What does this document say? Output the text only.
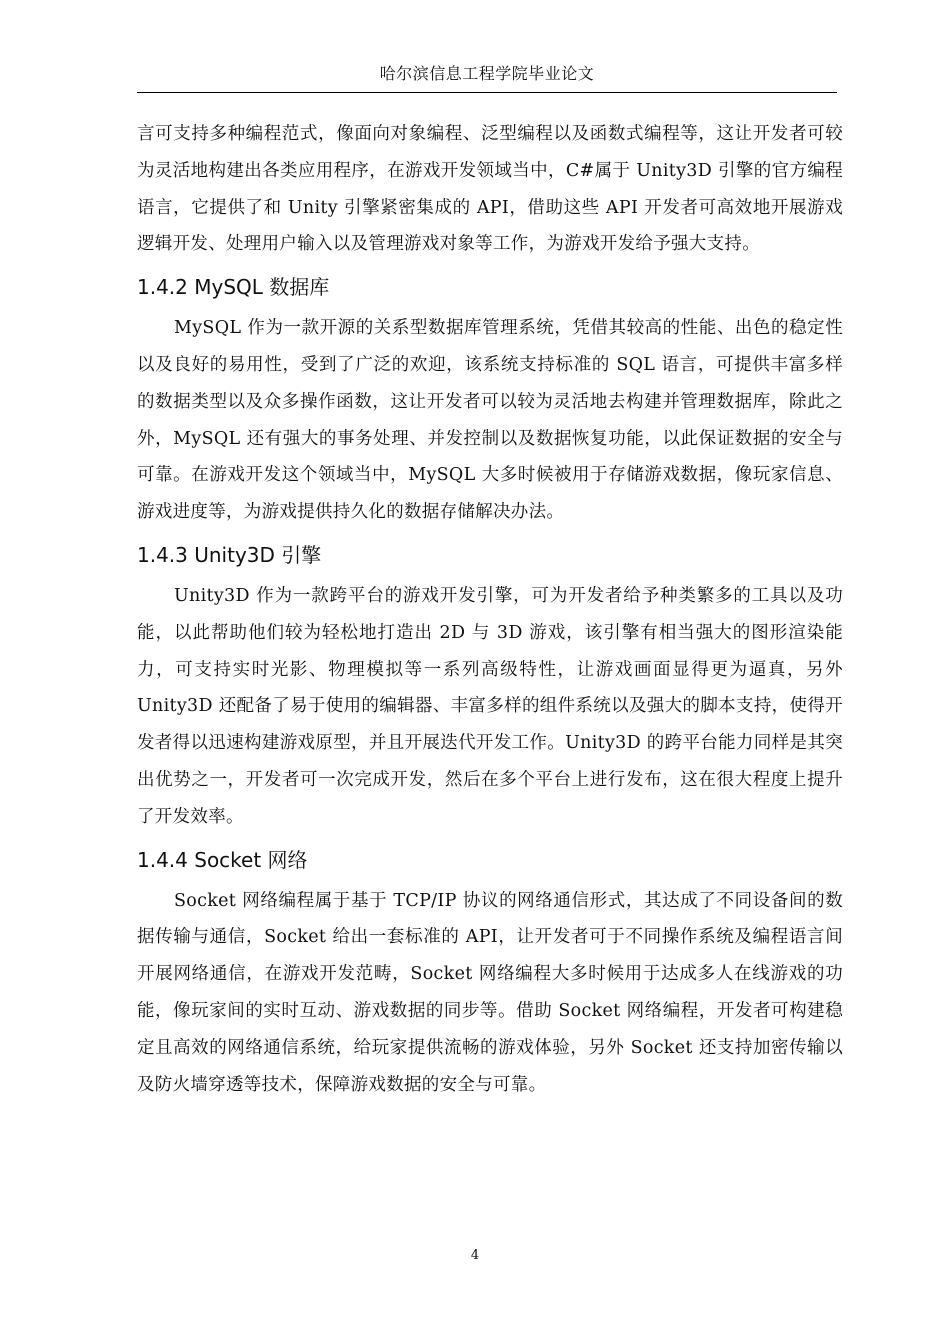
哈尔滨信息工程学院毕业论文

言可支持多种编程范式，像面向对象编程、泛型编程以及函数式编程等，这让开发者可较为灵活地构建出各类应用程序，在游戏开发领域当中，C#属于 Unity3D 引擎的官方编程语言，它提供了和 Unity 引擎紧密集成的 API，借助这些 API 开发者可高效地开展游戏逻辑开发、处理用户输入以及管理游戏对象等工作，为游戏开发给予强大支持。

1.4.2 MySQL 数据库

MySQL 作为一款开源的关系型数据库管理系统，凭借其较高的性能、出色的稳定性以及良好的易用性，受到了广泛的欢迎，该系统支持标准的 SQL 语言，可提供丰富多样的数据类型以及众多操作函数，这让开发者可以较为灵活地去构建并管理数据库，除此之外，MySQL 还有强大的事务处理、并发控制以及数据恢复功能，以此保证数据的安全与可靠。在游戏开发这个领域当中，MySQL 大多时候被用于存储游戏数据，像玩家信息、游戏进度等，为游戏提供持久化的数据存储解决办法。

1.4.3 Unity3D 引擎

Unity3D 作为一款跨平台的游戏开发引擎，可为开发者给予种类繁多的工具以及功能，以此帮助他们较为轻松地打造出 2D 与 3D 游戏，该引擎有相当强大的图形渲染能力，可支持实时光影、物理模拟等一系列高级特性，让游戏画面显得更为逼真，另外 Unity3D 还配备了易于使用的编辑器、丰富多样的组件系统以及强大的脚本支持，使得开发者得以迅速构建游戏原型，并且开展迭代开发工作。Unity3D 的跨平台能力同样是其突出优势之一，开发者可一次完成开发，然后在多个平台上进行发布，这在很大程度上提升了开发效率。

1.4.4 Socket 网络

Socket 网络编程属于基于 TCP/IP 协议的网络通信形式，其达成了不同设备间的数据传输与通信，Socket 给出一套标准的 API，让开发者可于不同操作系统及编程语言间开展网络通信，在游戏开发范畴，Socket 网络编程大多时候用于达成多人在线游戏的功能，像玩家间的实时互动、游戏数据的同步等。借助 Socket 网络编程，开发者可构建稳定且高效的网络通信系统，给玩家提供流畅的游戏体验，另外 Socket 还支持加密传输以及防火墙穿透等技术，保障游戏数据的安全与可靠。

4
